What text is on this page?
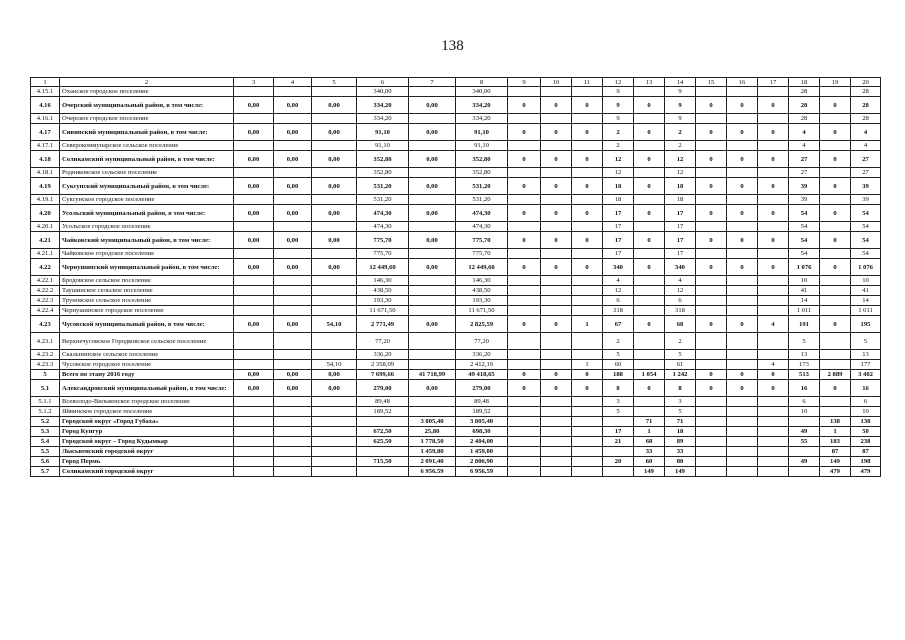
138
1	2	3	4	5	6	7	8	9	10	11	12	13	14	15	16	17	18	19	20
4.15.1	Оханское городское поселение				340,00		340,00				9		9				28		28
4.16	Очерский муниципальный район, в том числе:	0,00	0,00	0,00	334,20	0,00	334,20	0	0	0	9	0	9	0	0	0	28	0	28
4.16.1	Очерское городское поселение				334,20		334,20				9		9				28		28
4.17	Сивинский муниципальный район, в том числе:	0,00	0,00	0,00	91,10	0,00	91,10	0	0	0	2	0	2	0	0	0	4	0	4
4.17.1	Северокоммунарское сельское поселение				91,10		91,10				2		2				4		4
4.18	Соликамский муниципальный район, в том числе:	0,00	0,00	0,00	352,80	0,00	352,80	0	0	0	12	0	12	0	0	0	27	0	27
4.18.1	Родниковское сельское поселение				352,80		352,80				12		12				27		27
4.19	Суксунский муниципальный район, в том числе:	0,00	0,00	0,00	531,20	0,00	531,20	0	0	0	18	0	18	0	0	0	39	0	39
4.19.1	Суксунское городское поселение				531,20		531,20				18		18				39		39
4.20	Усольский муниципальный район, в том числе:	0,00	0,00	0,00	474,30	0,00	474,30	0	0	0	17	0	17	0	0	0	54	0	54
4.20.1	Усольское городское поселение				474,30		474,30				17		17				54		54
4.21	Чайковский муниципальный район, в том числе:	0,00	0,00	0,00	775,70	0,00	775,70	0	0	0	17	0	17	0	0	0	54	0	54
4.21.1	Чайковское городское поселение				775,70		775,70				17		17				54		54
4.22	Чернушинский муниципальный район, в том числе:	0,00	0,00	0,00	12 449,60	0,00	12 449,60	0	0	0	340	0	340	0	0	0	1 076	0	1 076
4.22.1	Бродовское сельское поселение				146,30		146,30				4		4				10		10
4.22.2	Таушинское сельское поселение				438,50		438,50				12		12				41		41
4.22.3	Труновское сельское поселение				193,30		193,30				6		6				14		14
4.22.4	Чернушинское городское поселение				11 671,50		11 671,50				318		318				1 011		1 011
4.23	Чусовской муниципальный район, в том числе:	0,00	0,00	54,10	2 771,49	0,00	2 825,59	0	0	1	67	0	68	0	0	4	191	0	195
4.23.1	Верхнечусовское Городковское сельское поселение				77,20		77,20				2		2				5		5
4.23.2	Скальнинское сельское поселение				336,20		336,20				5		5				13		13
4.23.3	Чусовское городское поселение			54,10	2 358,09		2 412,19			1	60		61			4	173		177
5	Всего по этапу 2016 году	0,00	0,00	0,00	7 699,66	41 718,99	49 418,65	0	0	0	188	1 054	1 242	0	0	0	513	2 889	3 402
5.1	Александровский муниципальный район, в том числе:	0,00	0,00	0,00	279,00	0,00	279,00	0	0	0	8	0	8	0	0	0	16	0	16
5.1.1	Всеволодо-Вильвенское городское поселение				89,48		89,48				3		3				6		6
5.1.2	Яйвинское городское поселение				189,52		189,52				5		5				10		10
5.2	Городской округ «Город Губаха»					3 805,40	3 805,40					71	71					138	138
5.3	Город Кунгур				672,50	25,80	698,30				17	1	18				49	1	50
5.4	Городской округ – Город Кудымкар				625,50	1 778,50	2 404,00				21	68	89				55	183	238
5.5	Лысьвенский городской округ					1 459,80	1 459,80					33	33					87	87
5.6	Город Пермь				715,50	2 091,40	2 806,90				20	60	80				49	149	198
5.7	Соликамский городской округ					6 956,59	6 956,59					149	149					479	479
